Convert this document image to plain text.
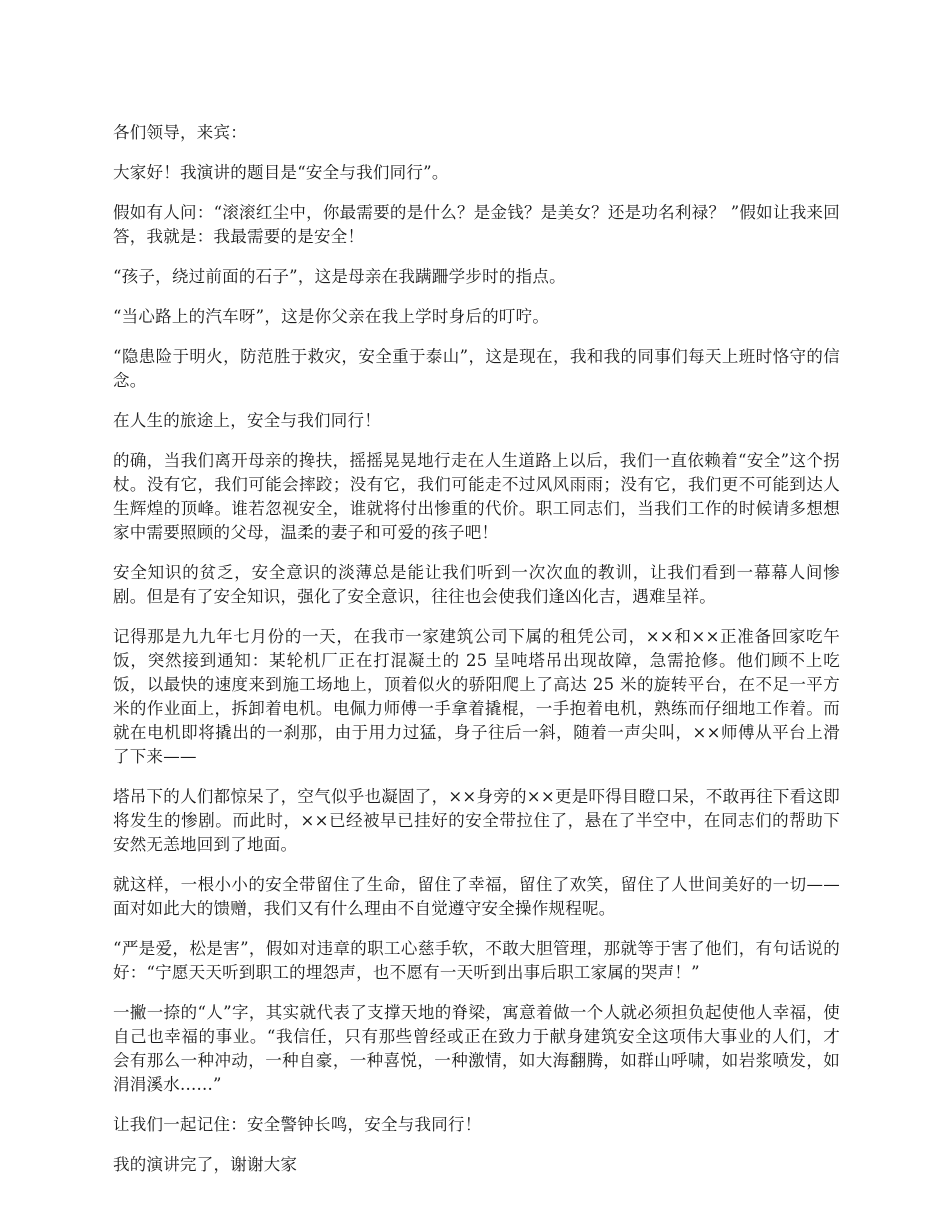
各们领导，来宾：

大家好！我演讲的题目是“安全与我们同行”。

假如有人问：“滚滚红尘中，你最需要的是什么？是金钱？是美女？还是功名利禄？ ”假如让我来回答，我就是：我最需要的是安全！

“孩子，绕过前面的石子”，这是母亲在我蹒跚学步时的指点。

“当心路上的汽车呀”，这是你父亲在我上学时身后的叮咛。

“隐患险于明火，防范胜于救灾，安全重于泰山”，这是现在，我和我的同事们每天上班时恪守的信念。

在人生的旅途上，安全与我们同行！

的确，当我们离开母亲的搀扶，摇摇晃晃地行走在人生道路上以后，我们一直依赖着“安全”这个拐杖。没有它，我们可能会摔跤；没有它，我们可能走不过风风雨雨；没有它，我们更不可能到达人生辉煌的顶峰。谁若忽视安全，谁就将付出惨重的代价。职工同志们，当我们工作的时候请多想想家中需要照顾的父母，温柔的妻子和可爱的孩子吧！

安全知识的贫乏，安全意识的淡薄总是能让我们听到一次次血的教训，让我们看到一幕幕人间惨剧。但是有了安全知识，强化了安全意识，往往也会使我们逢凶化吉，遇难呈祥。

记得那是九九年七月份的一天，在我市一家建筑公司下属的租凭公司，××和××正准备回家吃午饭，突然接到通知：某轮机厂正在打混凝土的 25 呈吨塔吊出现故障，急需抢修。他们顾不上吃饭，以最快的速度来到施工场地上，顶着似火的骄阳爬上了高达 25 米的旋转平台，在不足一平方米的作业面上，拆卸着电机。电佩力师傅一手拿着撬棍，一手抱着电机，熟练而仔细地工作着。而就在电机即将撬出的一刹那，由于用力过猛，身子往后一斜，随着一声尖叫，××师傅从平台上滑了下来——

塔吊下的人们都惊呆了，空气似乎也凝固了，××身旁的××更是吓得目瞪口呆，不敢再往下看这即将发生的惨剧。而此时，××已经被早已挂好的安全带拉住了，悬在了半空中，在同志们的帮助下安然无恙地回到了地面。

就这样，一根小小的安全带留住了生命，留住了幸福，留住了欢笑，留住了人世间美好的一切——面对如此大的馈赠，我们又有什么理由不自觉遵守安全操作规程呢。

“严是爱，松是害”，假如对违章的职工心慈手软，不敢大胆管理，那就等于害了他们，有句话说的好：“宁愿天天听到职工的埋怨声，也不愿有一天听到出事后职工家属的哭声！”

一撇一捺的“人”字，其实就代表了支撑天地的脊梁，寓意着做一个人就必须担负起使他人幸福，使自己也幸福的事业。“我信任，只有那些曾经或正在致力于献身建筑安全这项伟大事业的人们，才会有那么一种冲动，一种自豪，一种喜悦，一种激情，如大海翻腾，如群山呼啸，如岩浆喷发，如涓涓溪水......”

让我们一起记住：安全警钟长鸣，安全与我同行！

我的演讲完了，谢谢大家
